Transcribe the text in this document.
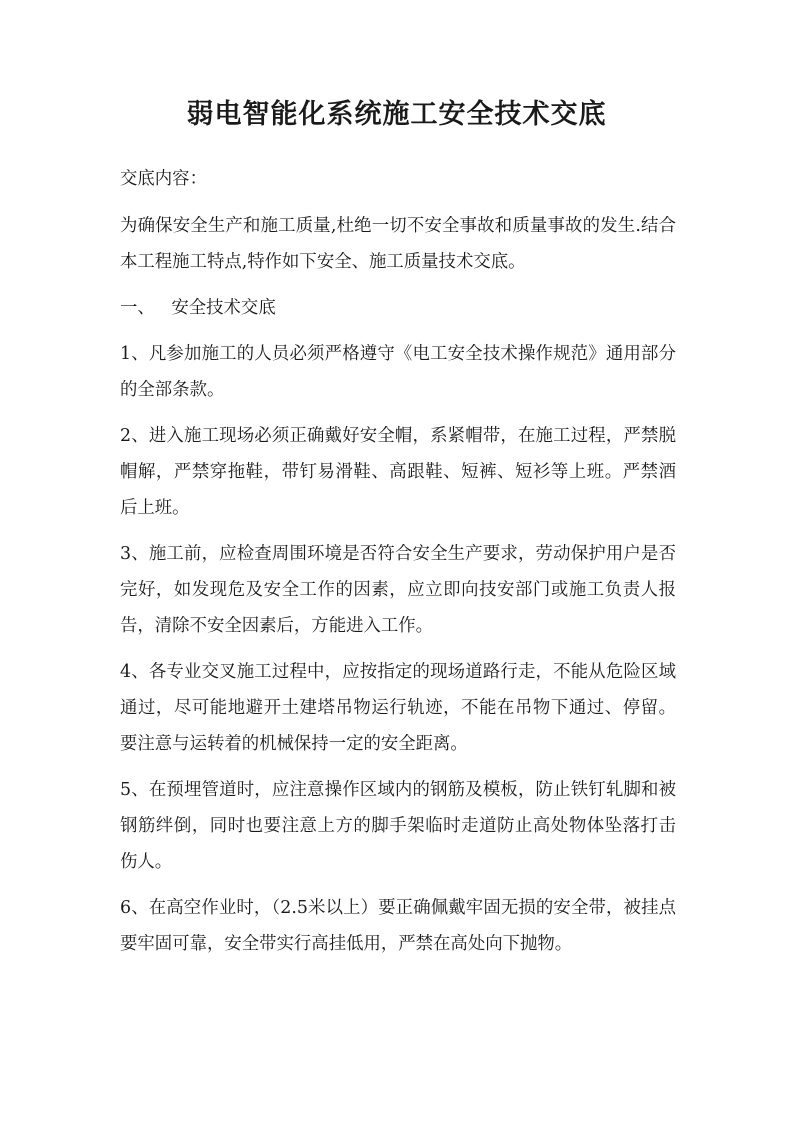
弱电智能化系统施工安全技术交底

交底内容：

为确保安全生产和施工质量,杜绝一切不安全事故和质量事故的发生.结合本工程施工特点,特作如下安全、施工质量技术交底。

一、   安全技术交底

1、凡参加施工的人员必须严格遵守《电工安全技术操作规范》通用部分的全部条款。

2、进入施工现场必须正确戴好安全帽，系紧帽带，在施工过程，严禁脱帽解，严禁穿拖鞋，带钉易滑鞋、高跟鞋、短裤、短衫等上班。严禁酒后上班。

3、施工前，应检查周围环境是否符合安全生产要求，劳动保护用户是否完好，如发现危及安全工作的因素，应立即向技安部门或施工负责人报告，清除不安全因素后，方能进入工作。

4、各专业交叉施工过程中，应按指定的现场道路行走，不能从危险区域通过，尽可能地避开土建塔吊物运行轨迹，不能在吊物下通过、停留。要注意与运转着的机械保持一定的安全距离。

5、在预埋管道时，应注意操作区域内的钢筋及模板，防止铁钉轧脚和被钢筋绊倒，同时也要注意上方的脚手架临时走道防止高处物体坠落打击伤人。

6、在高空作业时，（2.5米以上）要正确佩戴牢固无损的安全带，被挂点要牢固可靠，安全带实行高挂低用，严禁在高处向下抛物。
